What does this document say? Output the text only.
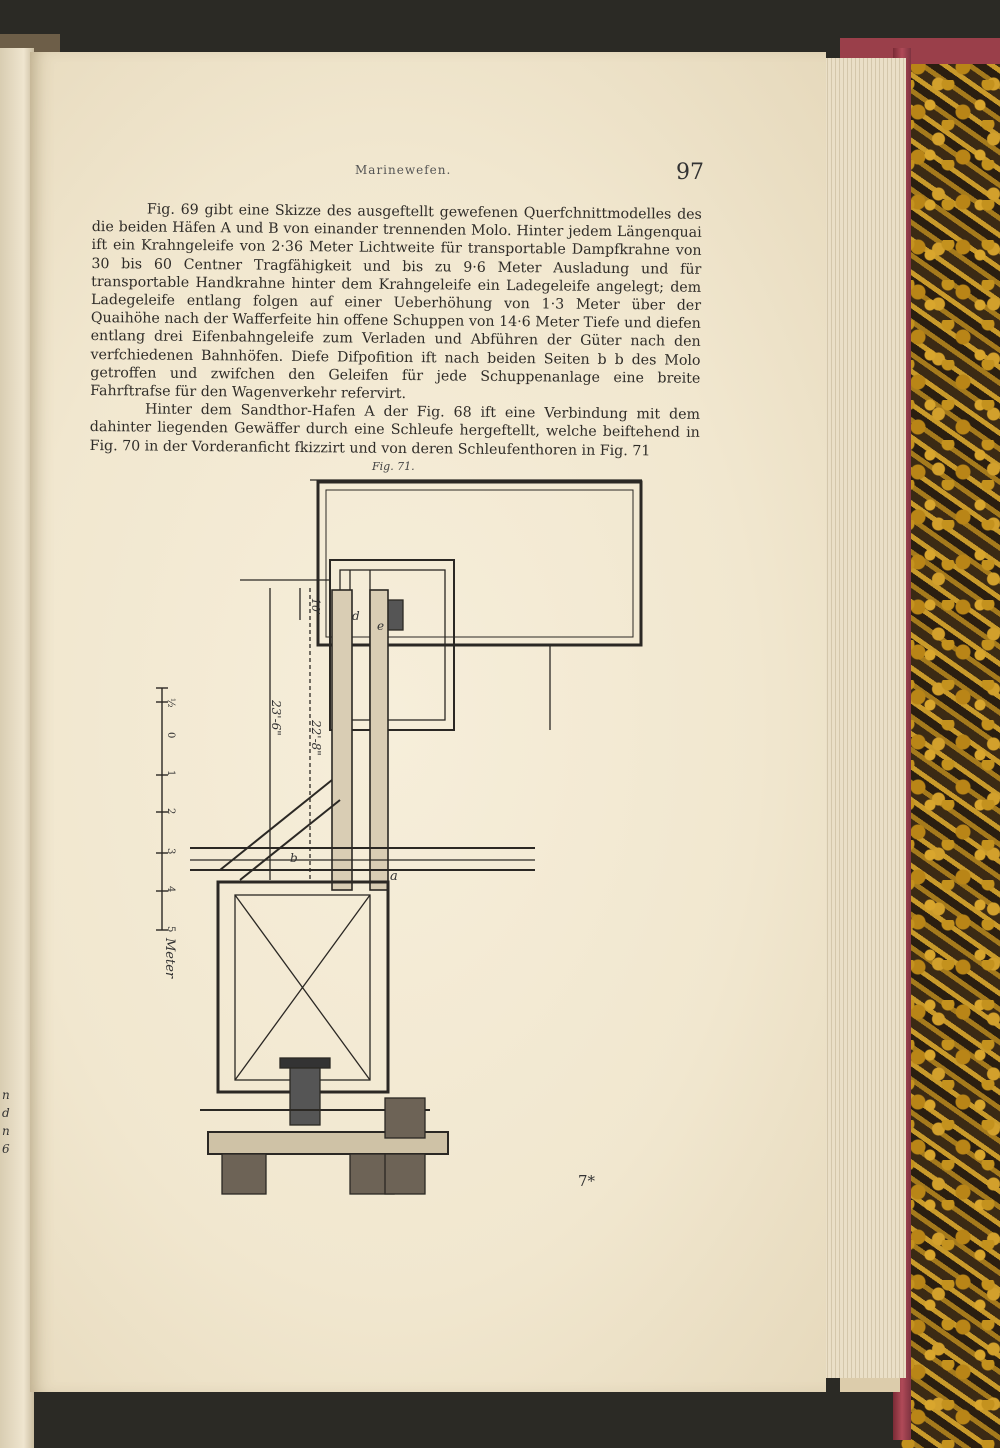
n
d
n
6
Marinewefen.	97

Fig. 69 gibt eine Skizze des ausgeftellt gewefenen Querfchnittmodelles des die beiden Häfen A und B von einander trennenden Molo. Hinter jedem Längenquai ift ein Krahngeleife von 2·36 Meter Lichtweite für transportable Dampfkrahne von 30 bis 60 Centner Tragfähigkeit und bis zu 9·6 Meter Ausladung und für transportable Handkrahne hinter dem Krahngeleife ein Ladegeleife angelegt; dem Ladegeleife entlang folgen auf einer Ueberhöhung von 1·3 Meter über der Quaihöhe nach der Wafferfeite hin offene Schuppen von 14·6 Meter Tiefe und diefen entlang drei Eifenbahngeleife zum Verladen und Abführen der Güter nach den verfchiedenen Bahnhöfen. Diefe Difpofition ift nach beiden Seiten b b des Molo getroffen und zwifchen den Geleifen für jede Schuppenanlage eine breite Fahrftrafse für den Wagenverkehr refervirt.

Hinter dem Sandthor-Hafen A der Fig. 68 ift eine Verbindung mit dem dahinter liegenden Gewäffer durch eine Schleufe hergeftellt, welche beiftehend in Fig. 70 in der Vorderanficht fkizzirt und von deren Schleufenthoren in Fig. 71

Fig. 71.
10'
23'-6"
22'-8"
d
e
b
a
½
0
1
2
3
4
5
Meter
7*
